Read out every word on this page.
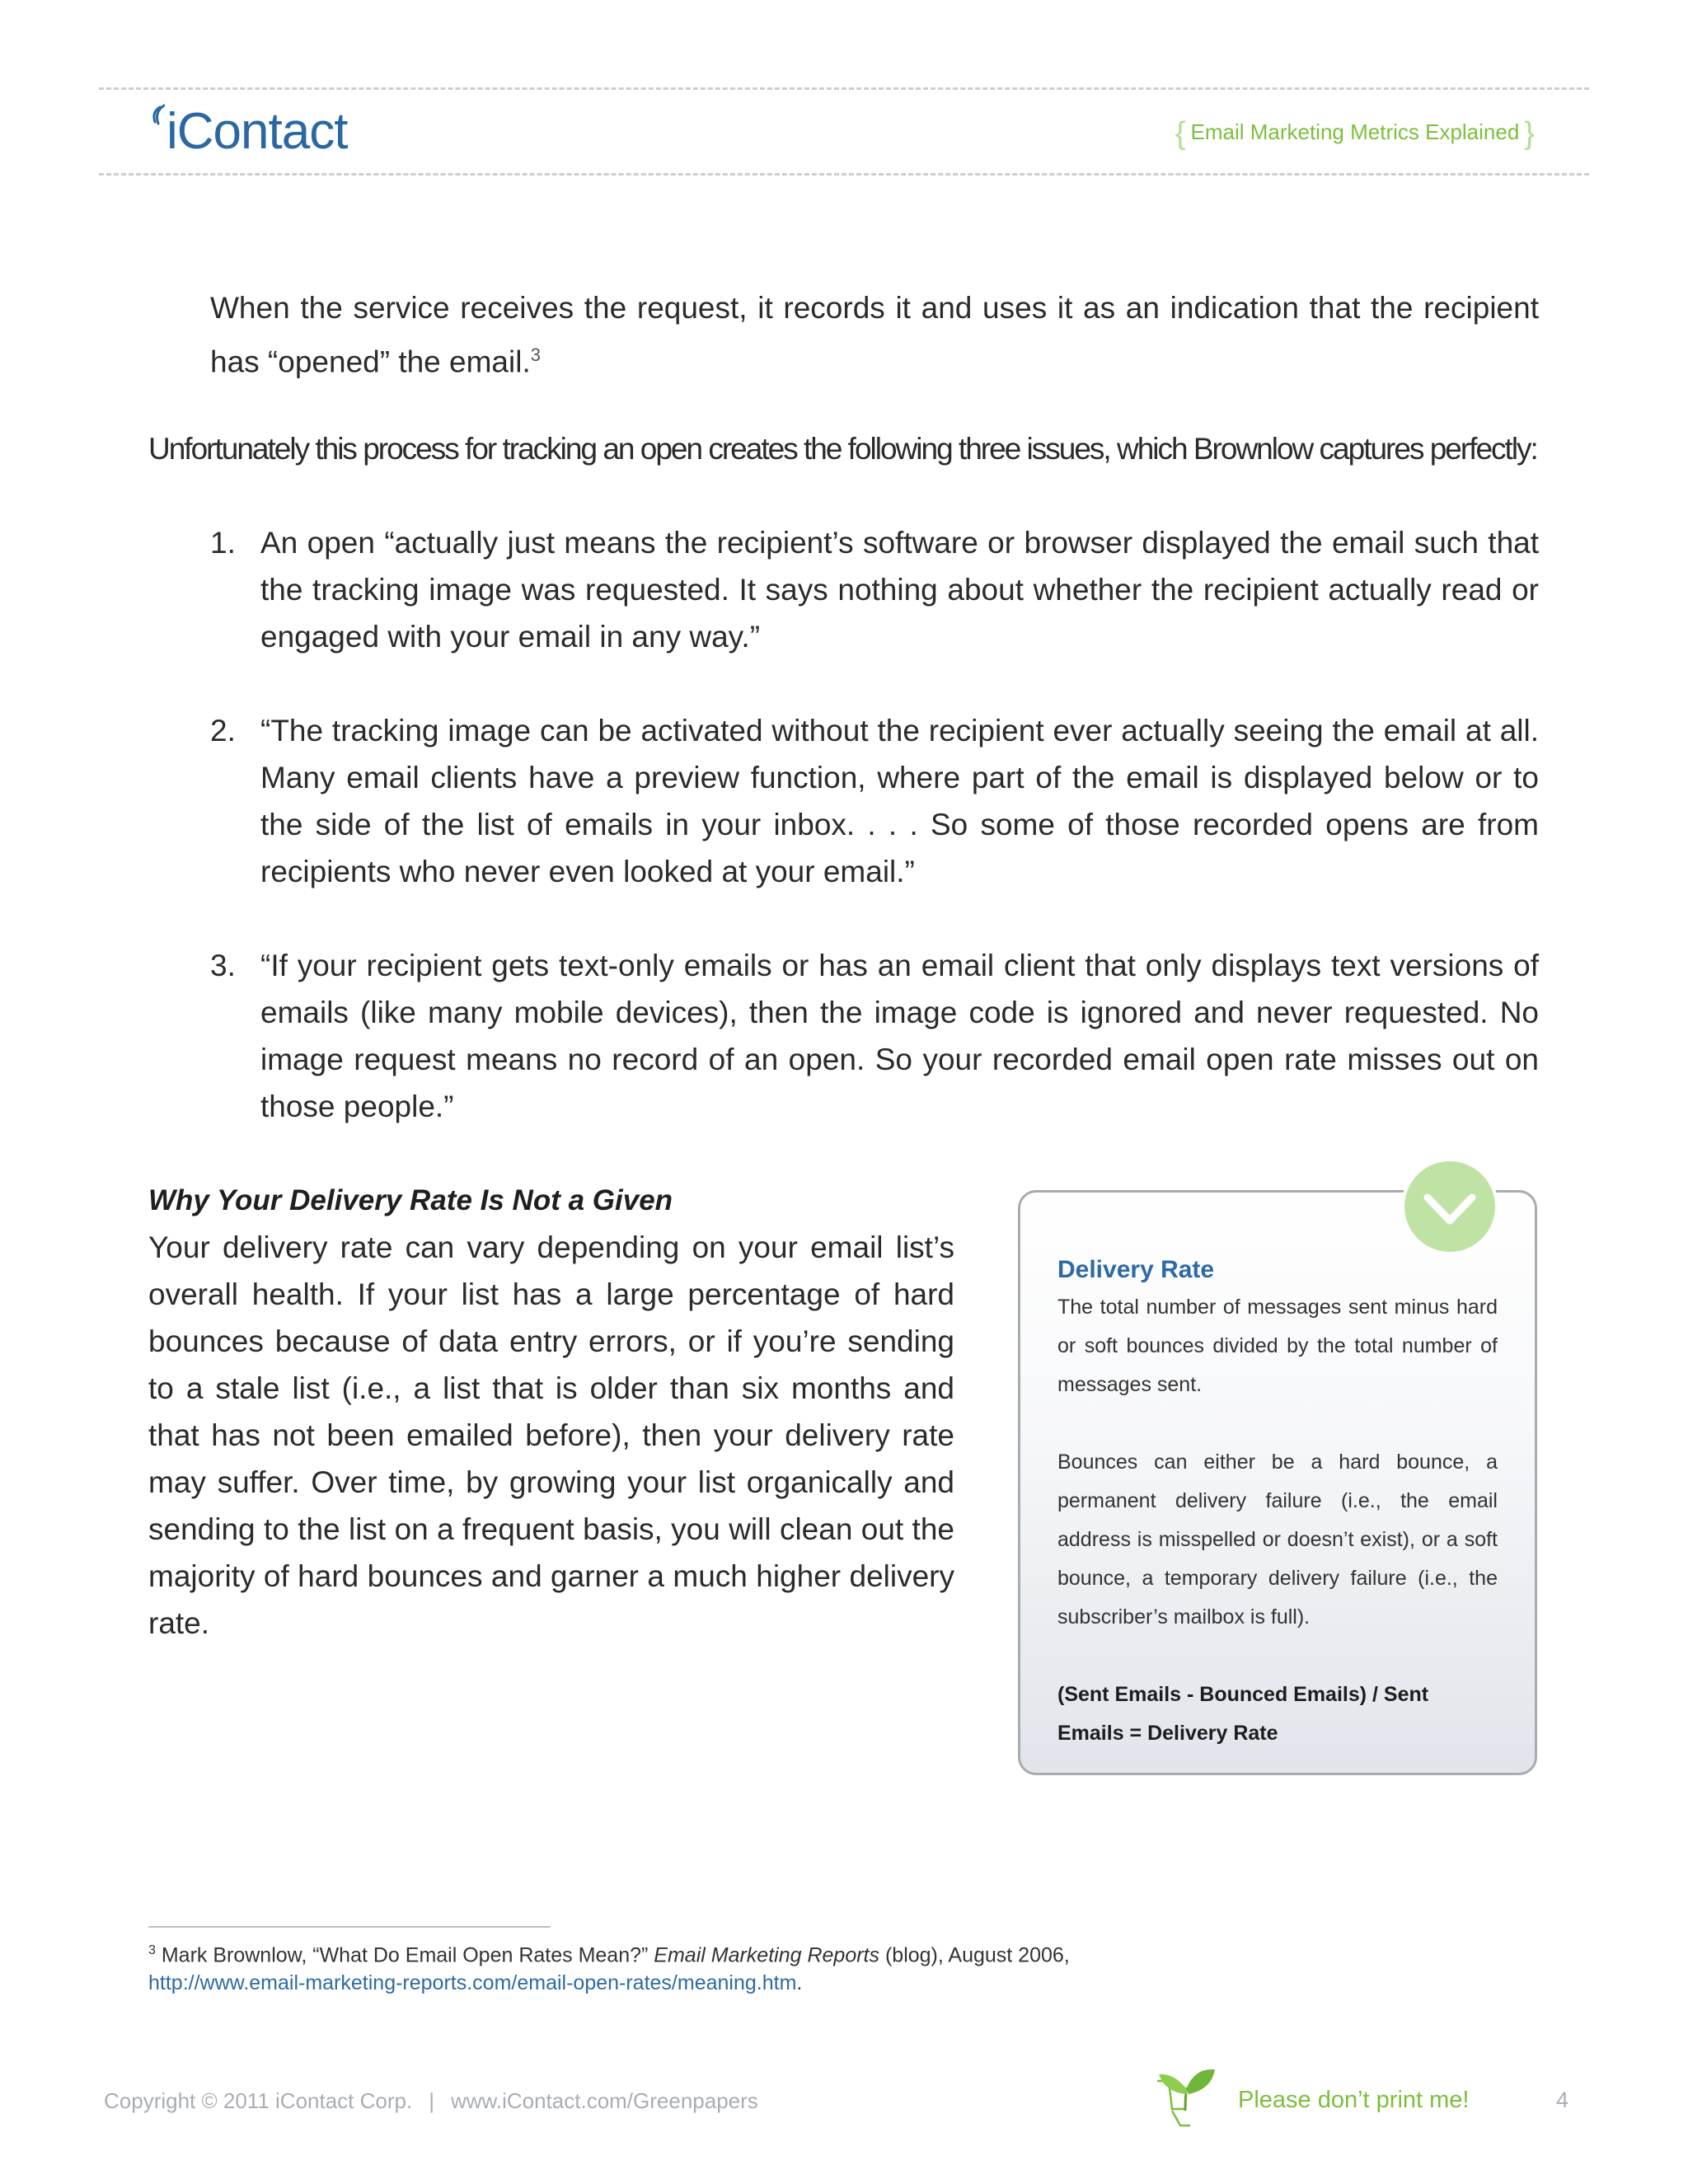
iContact	{ Email Marketing Metrics Explained }
When the service receives the request, it records it and uses it as an indication that the recipient has “opened” the email.$^3$
Unfortunately this process for tracking an open creates the following three issues, which Brownlow captures perfectly:
1. An open “actually just means the recipient’s software or browser displayed the email such that the tracking image was requested. It says nothing about whether the recipient actually read or engaged with your email in any way.”
2. “The tracking image can be activated without the recipient ever actually seeing the email at all. Many email clients have a preview function, where part of the email is displayed below or to the side of the list of emails in your inbox. . . . So some of those recorded opens are from recipients who never even looked at your email.”
3. “If your recipient gets text-only emails or has an email client that only displays text versions of emails (like many mobile devices), then the image code is ignored and never requested. No image request means no record of an open. So your recorded email open rate misses out on those people.”
Why Your Delivery Rate Is Not a Given
Your delivery rate can vary depending on your email list’s overall health. If your list has a large percentage of hard bounces because of data entry errors, or if you’re sending to a stale list (i.e., a list that is older than six months and that has not been emailed before), then your delivery rate may suffer. Over time, by growing your list organically and sending to the list on a frequent basis, you will clean out the majority of hard bounces and garner a much higher delivery rate.
Delivery Rate

The total number of messages sent minus hard or soft bounces divided by the total number of messages sent.

Bounces can either be a hard bounce, a permanent delivery failure (i.e., the email address is misspelled or doesn’t exist), or a soft bounce, a temporary delivery failure (i.e., the subscriber’s mailbox is full).

(Sent Emails - Bounced Emails) / Sent Emails = Delivery Rate

$^3$ Mark Brownlow, “What Do Email Open Rates Mean?” Email Marketing Reports (blog), August 2006,
http://www.email-marketing-reports.com/email-open-rates/meaning.htm.
Copyright © 2011 iContact Corp. | www.iContact.com/Greenpapers	Please don’t print me!	4
